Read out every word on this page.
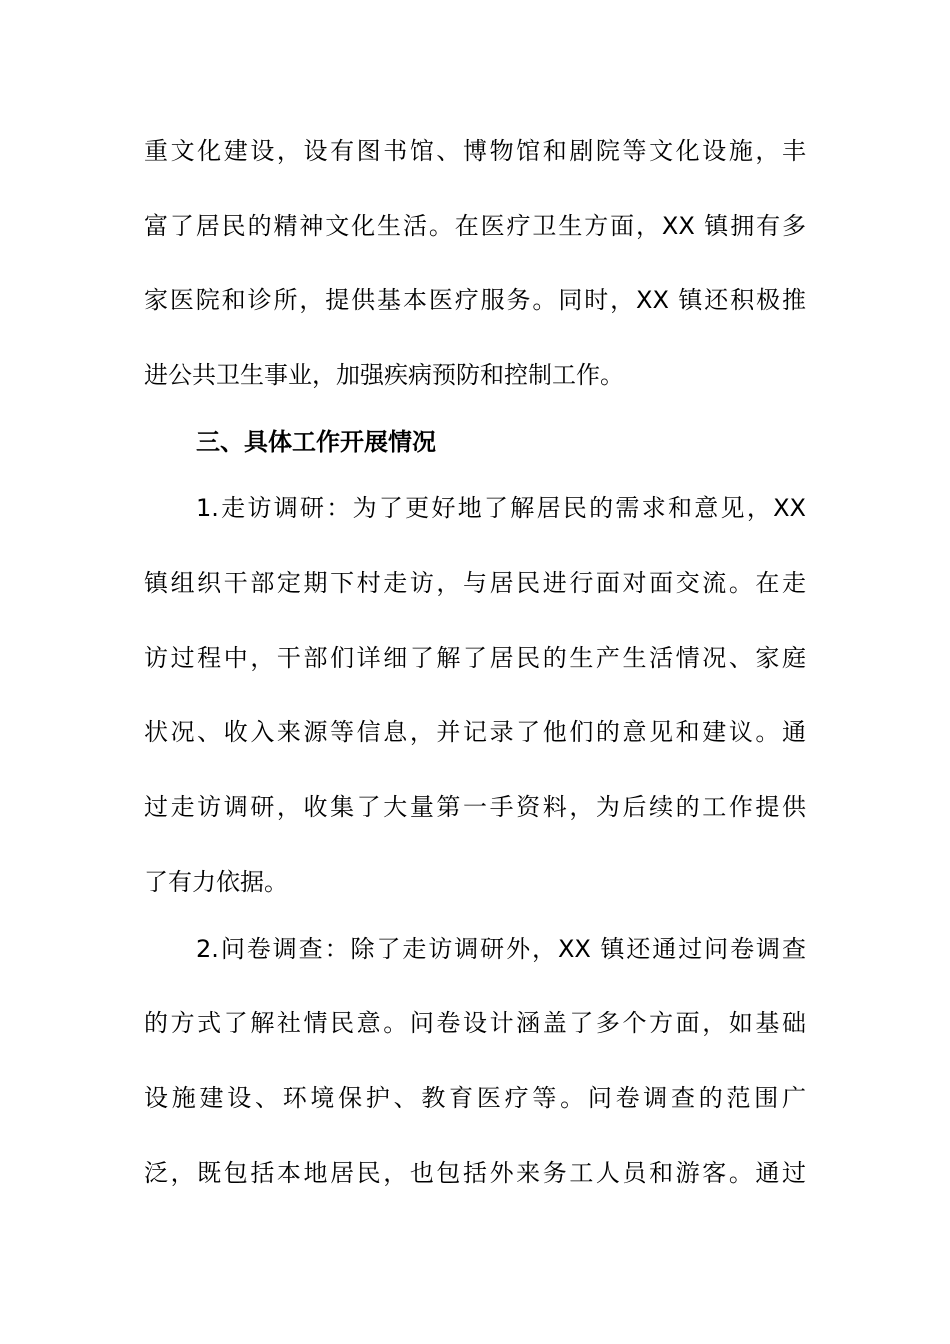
重文化建设，设有图书馆、博物馆和剧院等文化设施，丰
富了居民的精神文化生活。在医疗卫生方面，XX 镇拥有多
家医院和诊所，提供基本医疗服务。同时，XX 镇还积极推
进公共卫生事业，加强疾病预防和控制工作。
三、具体工作开展情况
1.走访调研：为了更好地了解居民的需求和意见，XX
镇组织干部定期下村走访，与居民进行面对面交流。在走
访过程中，干部们详细了解了居民的生产生活情况、家庭
状况、收入来源等信息，并记录了他们的意见和建议。通
过走访调研，收集了大量第一手资料，为后续的工作提供
了有力依据。
2.问卷调查：除了走访调研外，XX 镇还通过问卷调查
的方式了解社情民意。问卷设计涵盖了多个方面，如基础
设施建设、环境保护、教育医疗等。问卷调查的范围广
泛，既包括本地居民，也包括外来务工人员和游客。通过
